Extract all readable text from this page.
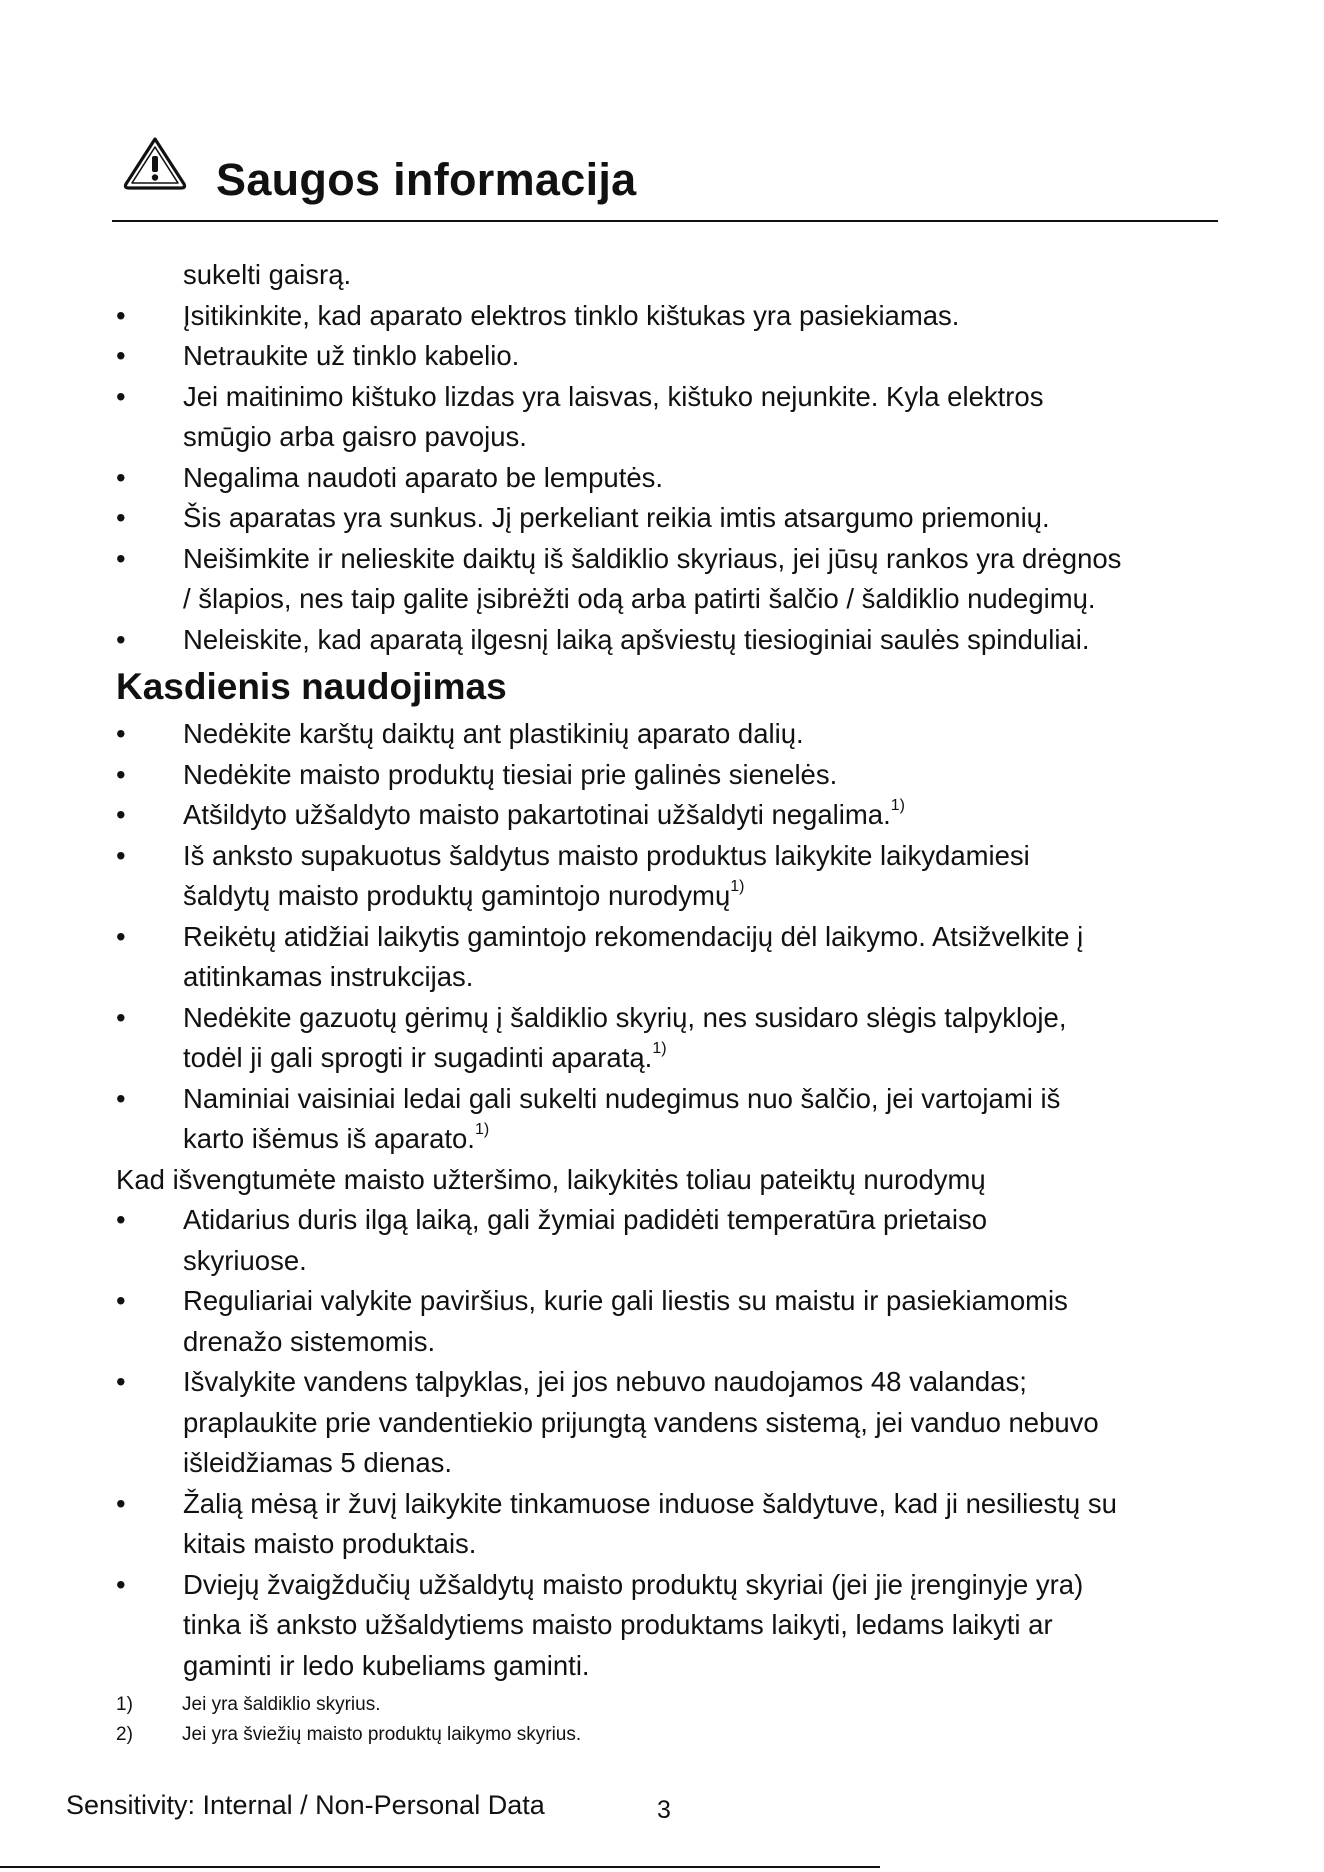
Saugos informacija
sukelti gaisrą.
•	Įsitikinkite, kad aparato elektros tinklo kištukas yra pasiekiamas.
•	Netraukite už tinklo kabelio.
•	Jei maitinimo kištuko lizdas yra laisvas, kištuko nejunkite. Kyla elektros
smūgio arba gaisro pavojus.
•	Negalima naudoti aparato be lemputės.
•	Šis aparatas yra sunkus. Jį perkeliant reikia imtis atsargumo priemonių.
•	Neišimkite ir nelieskite daiktų iš šaldiklio skyriaus, jei jūsų rankos yra drėgnos
/ šlapios, nes taip galite įsibrėžti odą arba patirti šalčio / šaldiklio nudegimų.
•	Neleiskite, kad aparatą ilgesnį laiką apšviestų tiesioginiai saulės spinduliai.
Kasdienis naudojimas
•	Nedėkite karštų daiktų ant plastikinių aparato dalių.
•	Nedėkite maisto produktų tiesiai prie galinės sienelės.
•	Atšildyto užšaldyto maisto pakartotinai užšaldyti negalima.$^{1)}$
•	Iš anksto supakuotus šaldytus maisto produktus laikykite laikydamiesi
šaldytų maisto produktų gamintojo nurodymų$^{1)}$
•	Reikėtų atidžiai laikytis gamintojo rekomendacijų dėl laikymo. Atsižvelkite į
atitinkamas instrukcijas.
•	Nedėkite gazuotų gėrimų į šaldiklio skyrių, nes susidaro slėgis talpykloje,
todėl ji gali sprogti ir sugadinti aparatą.$^{1)}$
•	Naminiai vaisiniai ledai gali sukelti nudegimus nuo šalčio, jei vartojami iš
karto išėmus iš aparato.$^{1)}$
Kad išvengtumėte maisto užteršimo, laikykitės toliau pateiktų nurodymų
•	Atidarius duris ilgą laiką, gali žymiai padidėti temperatūra prietaiso
skyriuose.
•	Reguliariai valykite paviršius, kurie gali liestis su maistu ir pasiekiamomis
drenažo sistemomis.
•	Išvalykite vandens talpyklas, jei jos nebuvo naudojamos 48 valandas;
praplaukite prie vandentiekio prijungtą vandens sistemą, jei vanduo nebuvo
išleidžiamas 5 dienas.
•	Žalią mėsą ir žuvį laikykite tinkamuose induose šaldytuve, kad ji nesiliestų su
kitais maisto produktais.
•	Dviejų žvaigždučių užšaldytų maisto produktų skyriai (jei jie įrenginyje yra)
tinka iš anksto užšaldytiems maisto produktams laikyti, ledams laikyti ar
gaminti ir ledo kubeliams gaminti.
1)	Jei yra šaldiklio skyrius.
2)	Jei yra šviežių maisto produktų laikymo skyrius.
Sensitivity: Internal / Non-Personal Data	3
